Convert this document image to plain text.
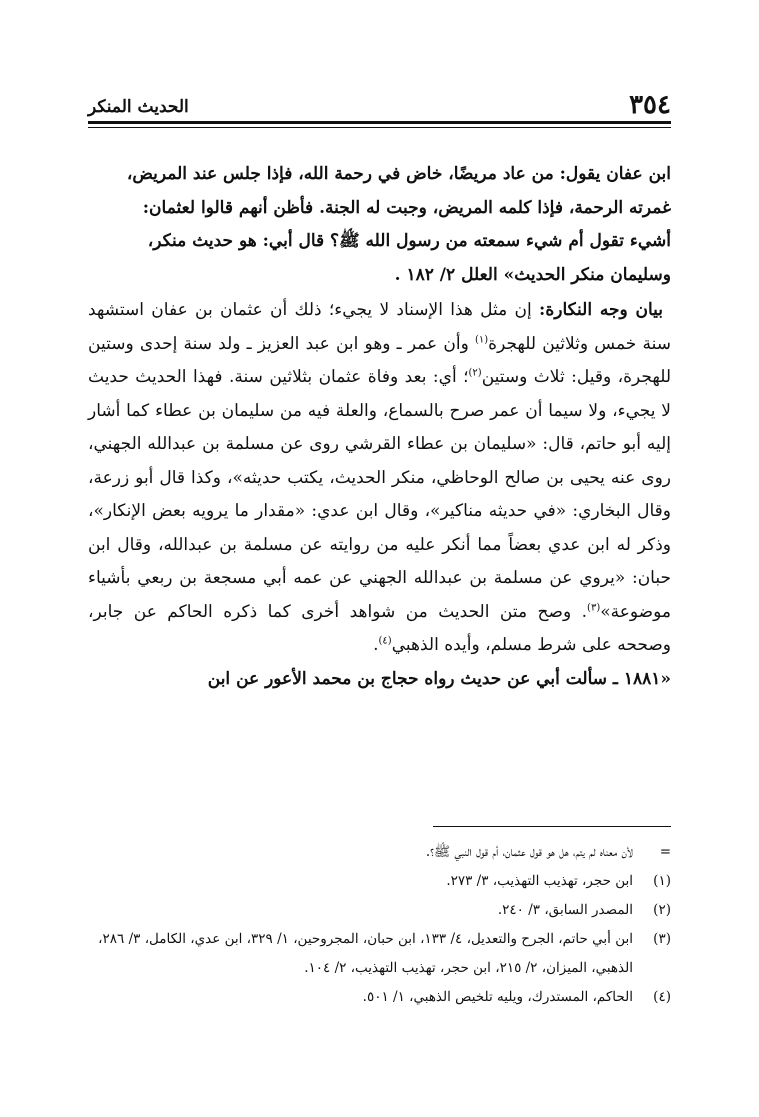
٣٥٤
الحديث المنكر

ابن عفان يقول: من عاد مريضًا، خاض في رحمة الله، فإذا جلس عند المريض،

غمرته الرحمة، فإذا كلمه المريض، وجبت له الجنة. فأظن أنهم قالوا لعثمان:

أشيء تقول أم شيء سمعته من رسول الله ﷺ؟ قال أبي: هو حديث منكر،

وسليمان منكر الحديث» العلل ٢/ ١٨٢ .

بيان وجه النكارة: إن مثل هذا الإسناد لا يجيء؛ ذلك أن عثمان بن عفان استشهد سنة خمس وثلاثين للهجرة$^{(١)}$ وأن عمر ـ وهو ابن عبد العزيز ـ ولد سنة إحدى وستين للهجرة، وقيل: ثلاث وستين$^{(٢)}$؛ أي: بعد وفاة عثمان بثلاثين سنة. فهذا الحديث حديث لا يجيء، ولا سيما أن عمر صرح بالسماع، والعلة فيه من سليمان بن عطاء كما أشار إليه أبو حاتم، قال: «سليمان بن عطاء القرشي روى عن مسلمة بن عبدالله الجهني، روى عنه يحيى بن صالح الوحاظي، منكر الحديث، يكتب حديثه»، وكذا قال أبو زرعة، وقال البخاري: «في حديثه مناكير»، وقال ابن عدي: «مقدار ما يرويه بعض الإنكار»، وذكر له ابن عدي بعضاً مما أنكر عليه من روايته عن مسلمة بن عبدالله، وقال ابن حبان: «يروي عن مسلمة بن عبدالله الجهني عن عمه أبي مسجعة بن ربعي بأشياء موضوعة»$^{(٣)}$. وصح متن الحديث من شواهد أخرى كما ذكره الحاكم عن جابر، وصححه على شرط مسلم، وأيده الذهبي$^{(٤)}$.

«١٨٨١ ـ سألت أبي عن حديث رواه حجاج بن محمد الأعور عن ابن

=
لأن معناه لم يتم، هل هو قول عثمان، أم قول النبي ﷺ؟.
(١)
ابن حجر، تهذيب التهذيب، ٣/ ٢٧٣.
(٢)
المصدر السابق، ٣/ ٢٤٠.
(٣)
ابن أبي حاتم، الجرح والتعديل، ٤/ ١٣٣، ابن حبان، المجروحين، ١/ ٣٢٩، ابن عدي، الكامل، ٣/ ٢٨٦، الذهبي، الميزان، ٢/ ٢١٥، ابن حجر، تهذيب التهذيب، ٢/ ١٠٤.
(٤)
الحاكم، المستدرك، ويليه تلخيص الذهبي، ١/ ٥٠١.
